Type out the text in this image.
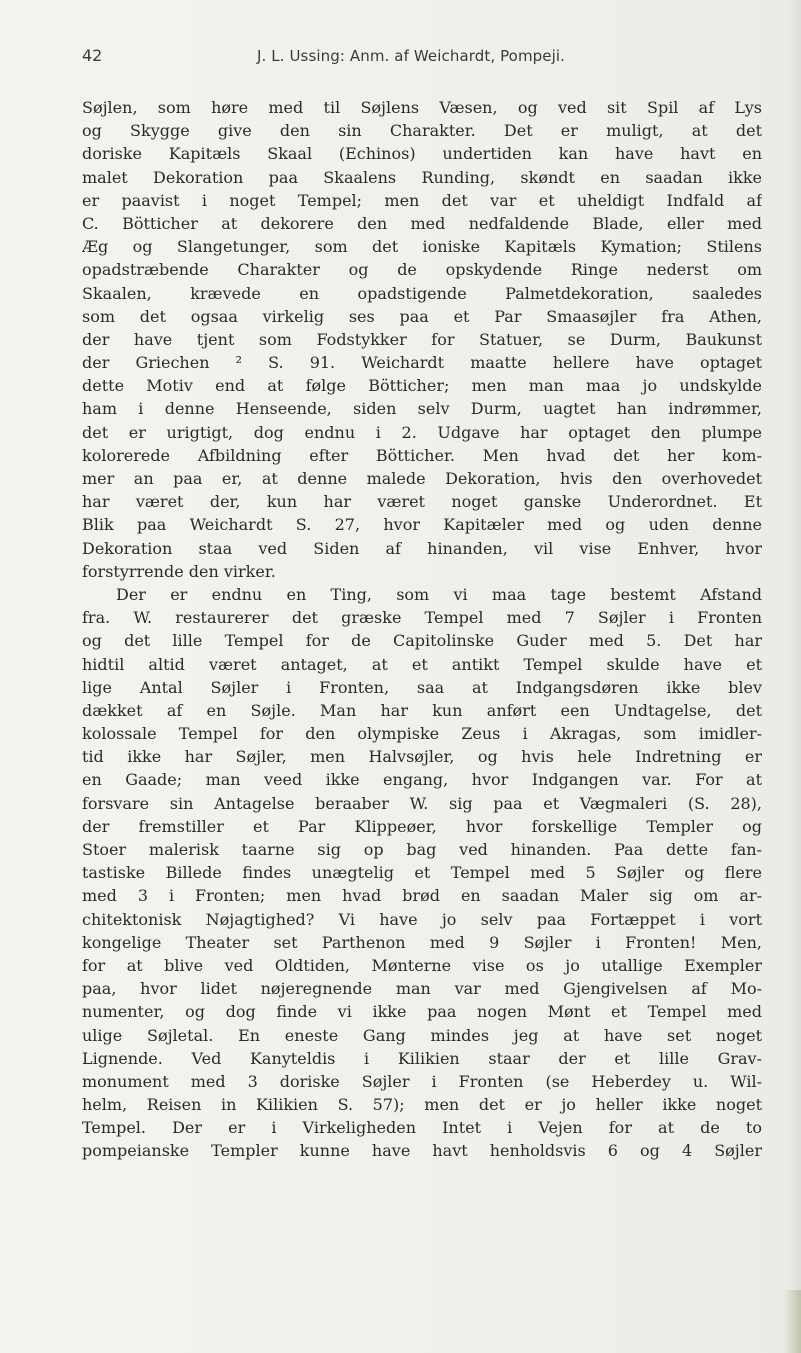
42	J. L. Ussing: Anm. af Weichardt, Pompeji.
Søjlen, som høre med til Søjlens Væsen, og ved sit Spil af Lys
og Skygge give den sin Charakter. Det er muligt, at det
doriske Kapitæls Skaal (Echinos) undertiden kan have havt en
malet Dekoration paa Skaalens Runding, skøndt en saadan ikke
er paavist i noget Tempel; men det var et uheldigt Indfald af
C. Bötticher at dekorere den med nedfaldende Blade, eller med
Æg og Slangetunger, som det ioniske Kapitæls Kymation; Stilens
opadstræbende Charakter og de opskydende Ringe nederst om
Skaalen, krævede en opadstigende Palmetdekoration, saaledes
som det ogsaa virkelig ses paa et Par Smaasøjler fra Athen,
der have tjent som Fodstykker for Statuer, se Durm, Baukunst
der Griechen ² S. 91. Weichardt maatte hellere have optaget
dette Motiv end at følge Bötticher; men man maa jo undskylde
ham i denne Henseende, siden selv Durm, uagtet han indrømmer,
det er urigtigt, dog endnu i 2. Udgave har optaget den plumpe
kolorerede Afbildning efter Bötticher. Men hvad det her kom-
mer an paa er, at denne malede Dekoration, hvis den overhovedet
har været der, kun har været noget ganske Underordnet. Et
Blik paa Weichardt S. 27, hvor Kapitæler med og uden denne
Dekoration staa ved Siden af hinanden, vil vise Enhver, hvor
forstyrrende den virker.
Der er endnu en Ting, som vi maa tage bestemt Afstand
fra. W. restaurerer det græske Tempel med 7 Søjler i Fronten
og det lille Tempel for de Capitolinske Guder med 5. Det har
hidtil altid været antaget, at et antikt Tempel skulde have et
lige Antal Søjler i Fronten, saa at Indgangsdøren ikke blev
dækket af en Søjle. Man har kun anført een Undtagelse, det
kolossale Tempel for den olympiske Zeus i Akragas, som imidler-
tid ikke har Søjler, men Halvsøjler, og hvis hele Indretning er
en Gaade; man veed ikke engang, hvor Indgangen var. For at
forsvare sin Antagelse beraaber W. sig paa et Vægmaleri (S. 28),
der fremstiller et Par Klippeøer, hvor forskellige Templer og
Stoer malerisk taarne sig op bag ved hinanden. Paa dette fan-
tastiske Billede findes unægtelig et Tempel med 5 Søjler og flere
med 3 i Fronten; men hvad brød en saadan Maler sig om ar-
chitektonisk Nøjagtighed? Vi have jo selv paa Fortæppet i vort
kongelige Theater set Parthenon med 9 Søjler i Fronten! Men,
for at blive ved Oldtiden, Mønterne vise os jo utallige Exempler
paa, hvor lidet nøjeregnende man var med Gjengivelsen af Mo-
numenter, og dog finde vi ikke paa nogen Mønt et Tempel med
ulige Søjletal. En eneste Gang mindes jeg at have set noget
Lignende. Ved Kanyteldis i Kilikien staar der et lille Grav-
monument med 3 doriske Søjler i Fronten (se Heberdey u. Wil-
helm, Reisen in Kilikien S. 57); men det er jo heller ikke noget
Tempel. Der er i Virkeligheden Intet i Vejen for at de to
pompeianske Templer kunne have havt henholdsvis 6 og 4 Søjler
